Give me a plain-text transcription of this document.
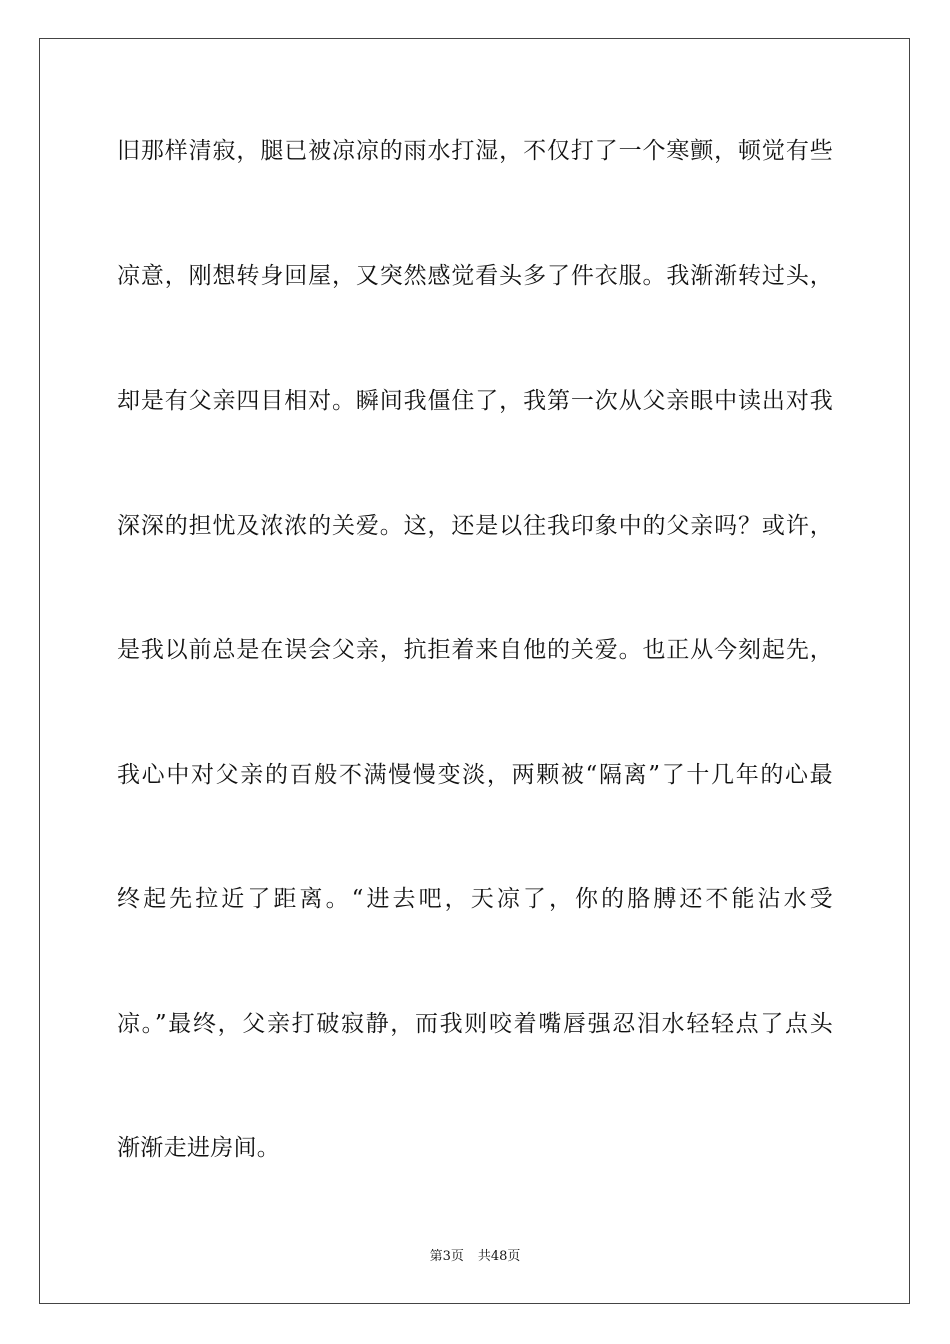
旧那样清寂，腿已被凉凉的雨水打湿，不仅打了一个寒颤，顿觉有些
凉意，刚想转身回屋，又突然感觉看头多了件衣服。我渐渐转过头，
却是有父亲四目相对。瞬间我僵住了，我第一次从父亲眼中读出对我
深深的担忧及浓浓的关爱。这，还是以往我印象中的父亲吗？或许，
是我以前总是在误会父亲，抗拒着来自他的关爱。也正从今刻起先，
我心中对父亲的百般不满慢慢变淡，两颗被“隔离”了十几年的心最
终起先拉近了距离。“进去吧，天凉了，你的胳膊还不能沾水受
凉。”最终，父亲打破寂静，而我则咬着嘴唇强忍泪水轻轻点了点头
渐渐走进房间。
第3页 共48页
